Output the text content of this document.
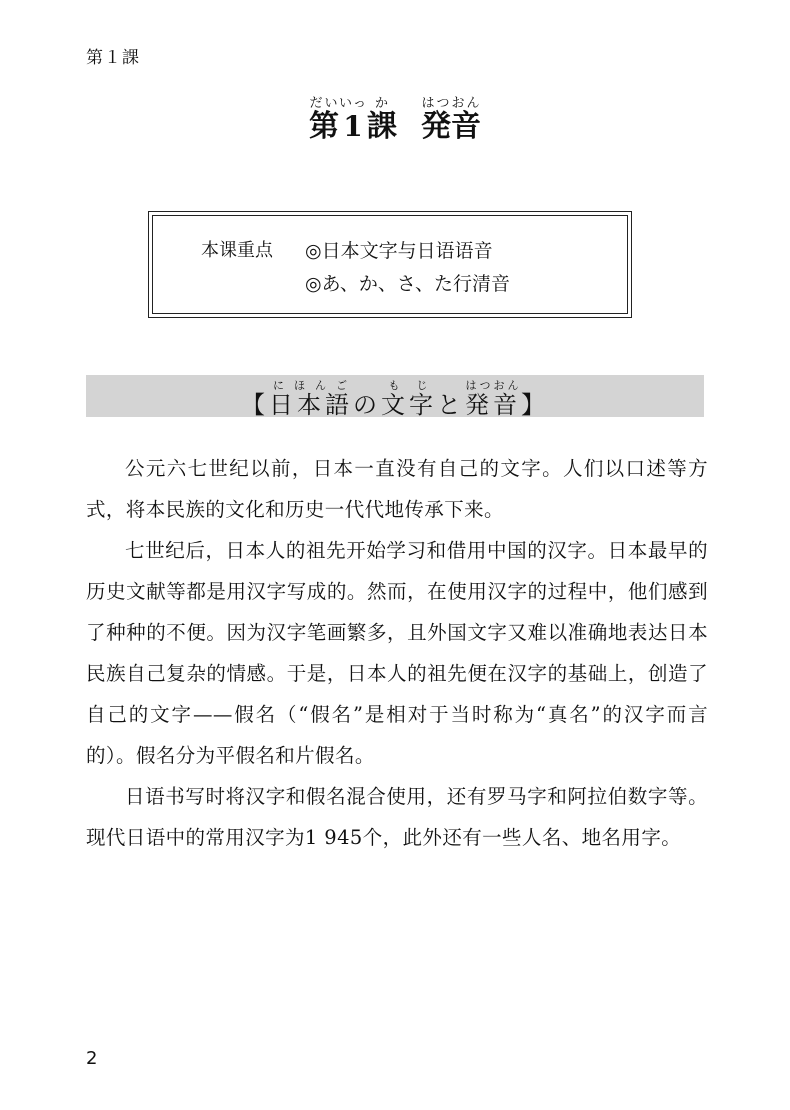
第１課
第だい1いっ課か発音はつおん
本课重点 ◎日本文字与日语语音
◎あ、か、さ、た行清音
【日本語にほんごの文字もじと発音はつおん】

公元六七世纪以前，日本一直没有自己的文字。人们以口述等方式，将本民族的文化和历史一代代地传承下来。

七世纪后，日本人的祖先开始学习和借用中国的汉字。日本最早的历史文献等都是用汉字写成的。然而，在使用汉字的过程中，他们感到了种种的不便。因为汉字笔画繁多，且外国文字又难以准确地表达日本民族自己复杂的情感。于是，日本人的祖先便在汉字的基础上，创造了自己的文字——假名（“假名”是相对于当时称为“真名”的汉字而言的）。假名分为平假名和片假名。

日语书写时将汉字和假名混合使用，还有罗马字和阿拉伯数字等。现代日语中的常用汉字为1 945个，此外还有一些人名、地名用字。

2
